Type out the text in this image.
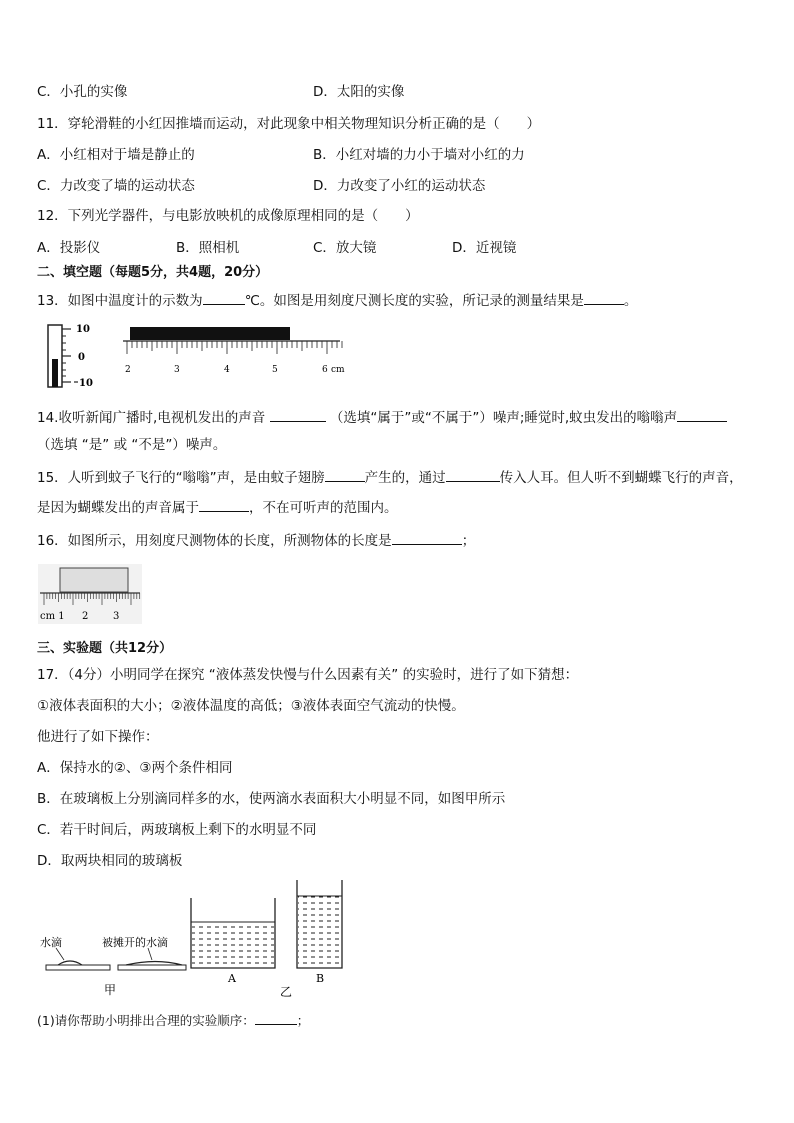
C．小孔的实像	D．太阳的实像
11．穿轮滑鞋的小红因推墙而运动，对此现象中相关物理知识分析正确的是（　　）
A．小红相对于墙是静止的	B．小红对墙的力小于墙对小红的力
C．力改变了墙的运动状态	D．力改变了小红的运动状态
12．下列光学器件，与电影放映机的成像原理相同的是（　　）
A．投影仪	B．照相机	C．放大镜	D．近视镜
二、填空题（每题5分，共4题，20分）
13．如图中温度计的示数为	℃。如图是用刻度尺测长度的实验，所记录的测量结果是	。
10
0
10
2	3	4	5	6 cm
14.收听新闻广播时,电视机发出的声音	（选填“属于”或“不属于”）噪声;睡觉时,蚊虫发出的嗡嗡声
（选填 “是” 或 “不是”）噪声。
15．人听到蚊子飞行的“嗡嗡”声，是由蚊子翅膀	产生的，通过	传入人耳。但人听不到蝴蝶飞行的声音，
是因为蝴蝶发出的声音属于	，不在可听声的范围内。
16．如图所示，用刻度尺测物体的长度，所测物体的长度是	；
cm 1 2 3
三、实验题（共12分）
17．（4分）小明同学在探究 “液体蒸发快慢与什么因素有关” 的实验时，进行了如下猜想：
①液体表面积的大小；②液体温度的高低；③液体表面空气流动的快慢。
他进行了如下操作：
A．保持水的②、③两个条件相同
B．在玻璃板上分别滴同样多的水，使两滴水表面积大小明显不同，如图甲所示
C．若干时间后，两玻璃板上剩下的水明显不同
D．取两块相同的玻璃板
水滴	被摊开的水滴
甲
A	B
乙
(1)请你帮助小明排出合理的实验顺序：	；
